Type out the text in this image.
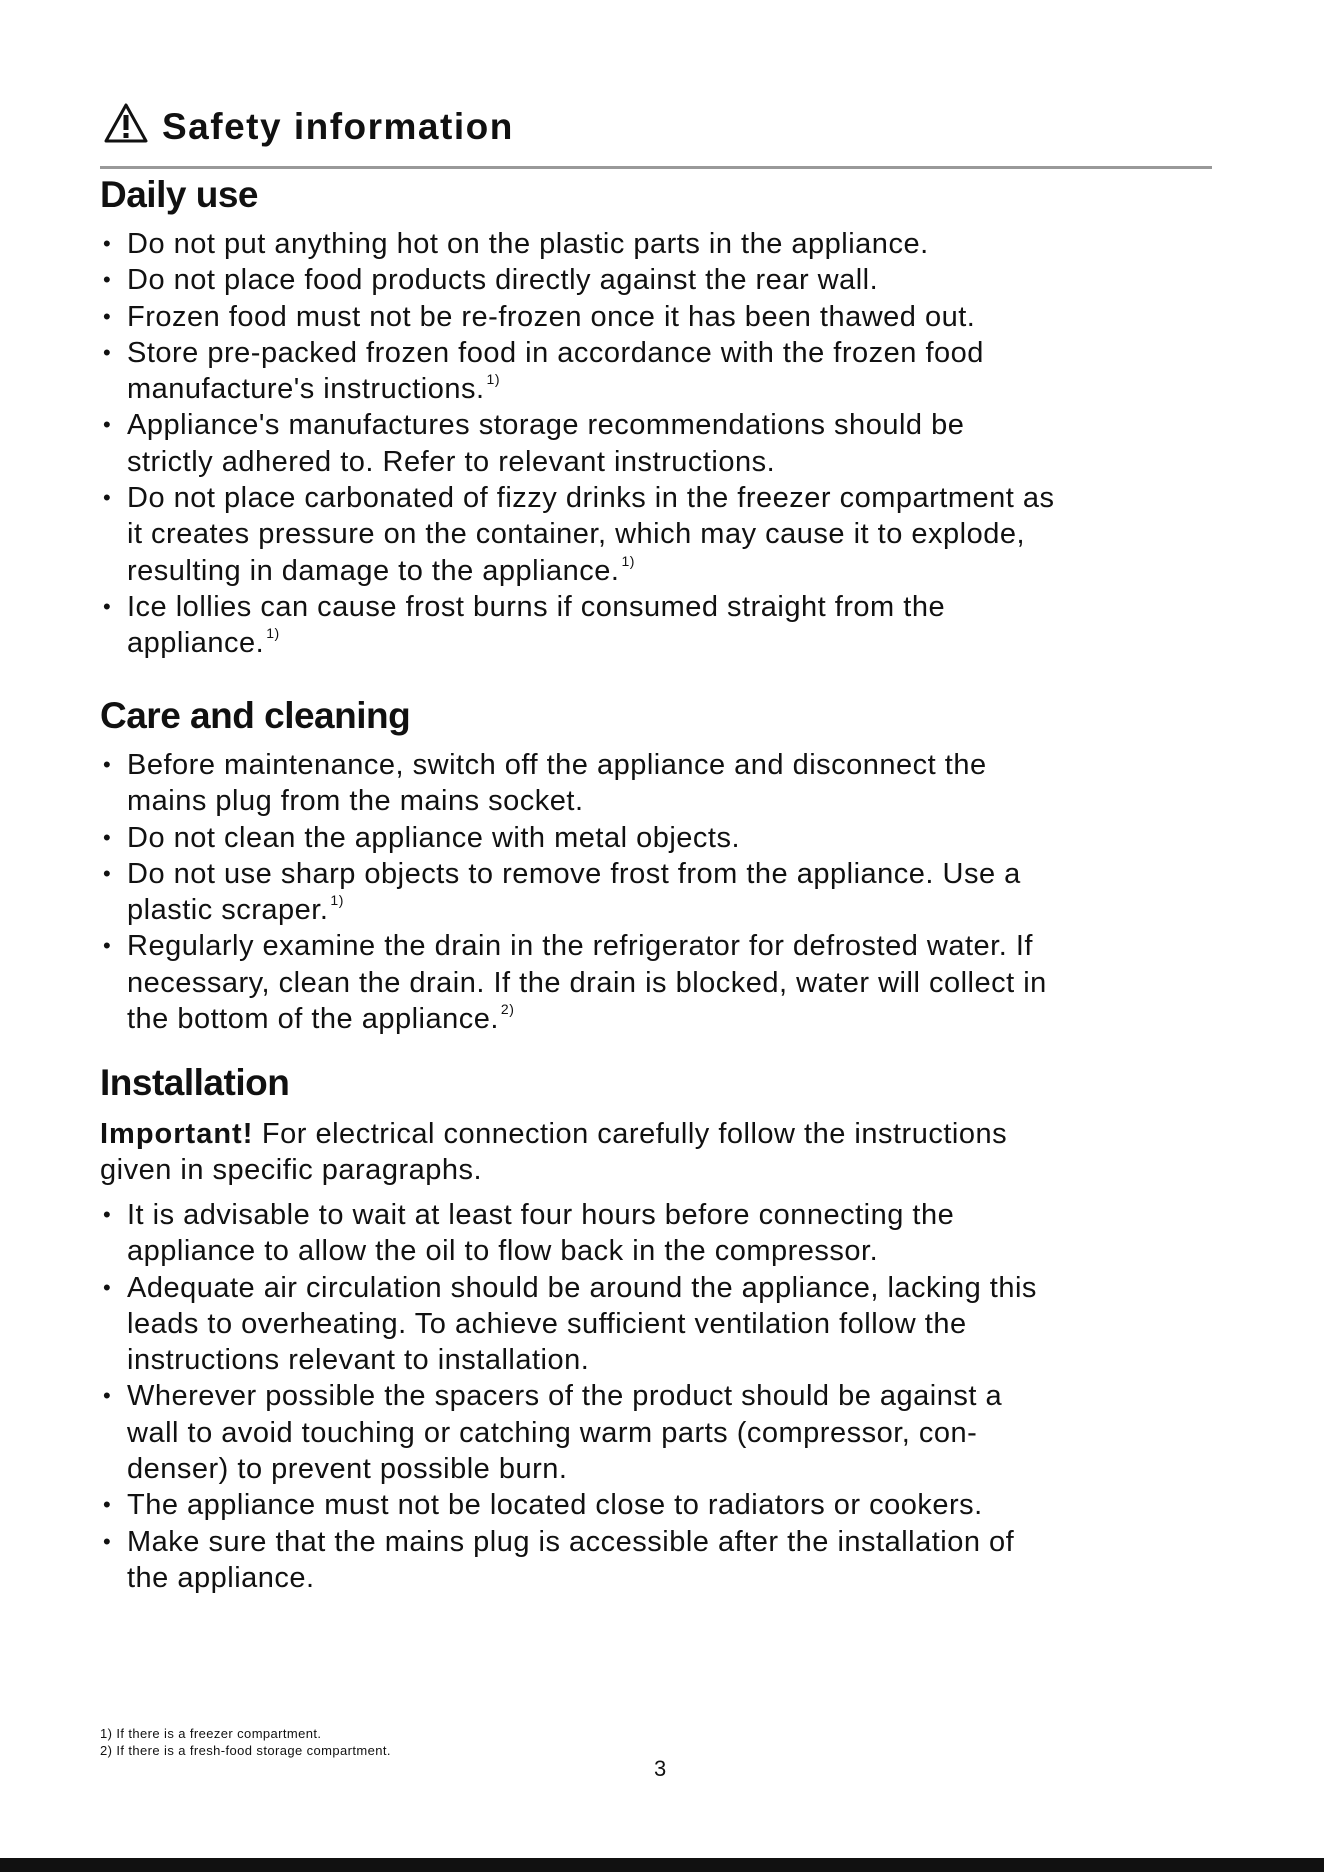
Safety information
Daily use
• Do not put anything hot on the plastic parts in the appliance.
• Do not place food products directly against the rear wall.
• Frozen food must not be re-frozen once it has been thawed out.
• Store pre-packed frozen food in accordance with the frozen food
manufacture's instructions. $^{1)}$
• Appliance's manufactures storage recommendations should be
strictly adhered to. Refer to relevant instructions.
• Do not place carbonated of fizzy drinks in the freezer compartment as
it creates pressure on the container, which may cause it to explode,
resulting in damage to the appliance. $^{1)}$
• Ice lollies can cause frost burns if consumed straight from the
appliance. $^{1)}$
Care and cleaning
• Before maintenance, switch off the appliance and disconnect the
mains plug from the mains socket.
• Do not clean the appliance with metal objects.
• Do not use sharp objects to remove frost from the appliance. Use a
plastic scraper. $^{1)}$
• Regularly examine the drain in the refrigerator for defrosted water. If
necessary, clean the drain. If the drain is blocked, water will collect in
the bottom of the appliance. $^{2)}$
Installation
Important! For electrical connection carefully follow the instructions
given in specific paragraphs.
• It is advisable to wait at least four hours before connecting the
appliance to allow the oil to flow back in the compressor.
• Adequate air circulation should be around the appliance, lacking this
leads to overheating. To achieve sufficient ventilation follow the
instructions relevant to installation.
• Wherever possible the spacers of the product should be against a
wall to avoid touching or catching warm parts (compressor, con-
denser) to prevent possible burn.
• The appliance must not be located close to radiators or cookers.
• Make sure that the mains plug is accessible after the installation of
the appliance.
1) If there is a freezer compartment.
2) If there is a fresh-food storage compartment.
3
